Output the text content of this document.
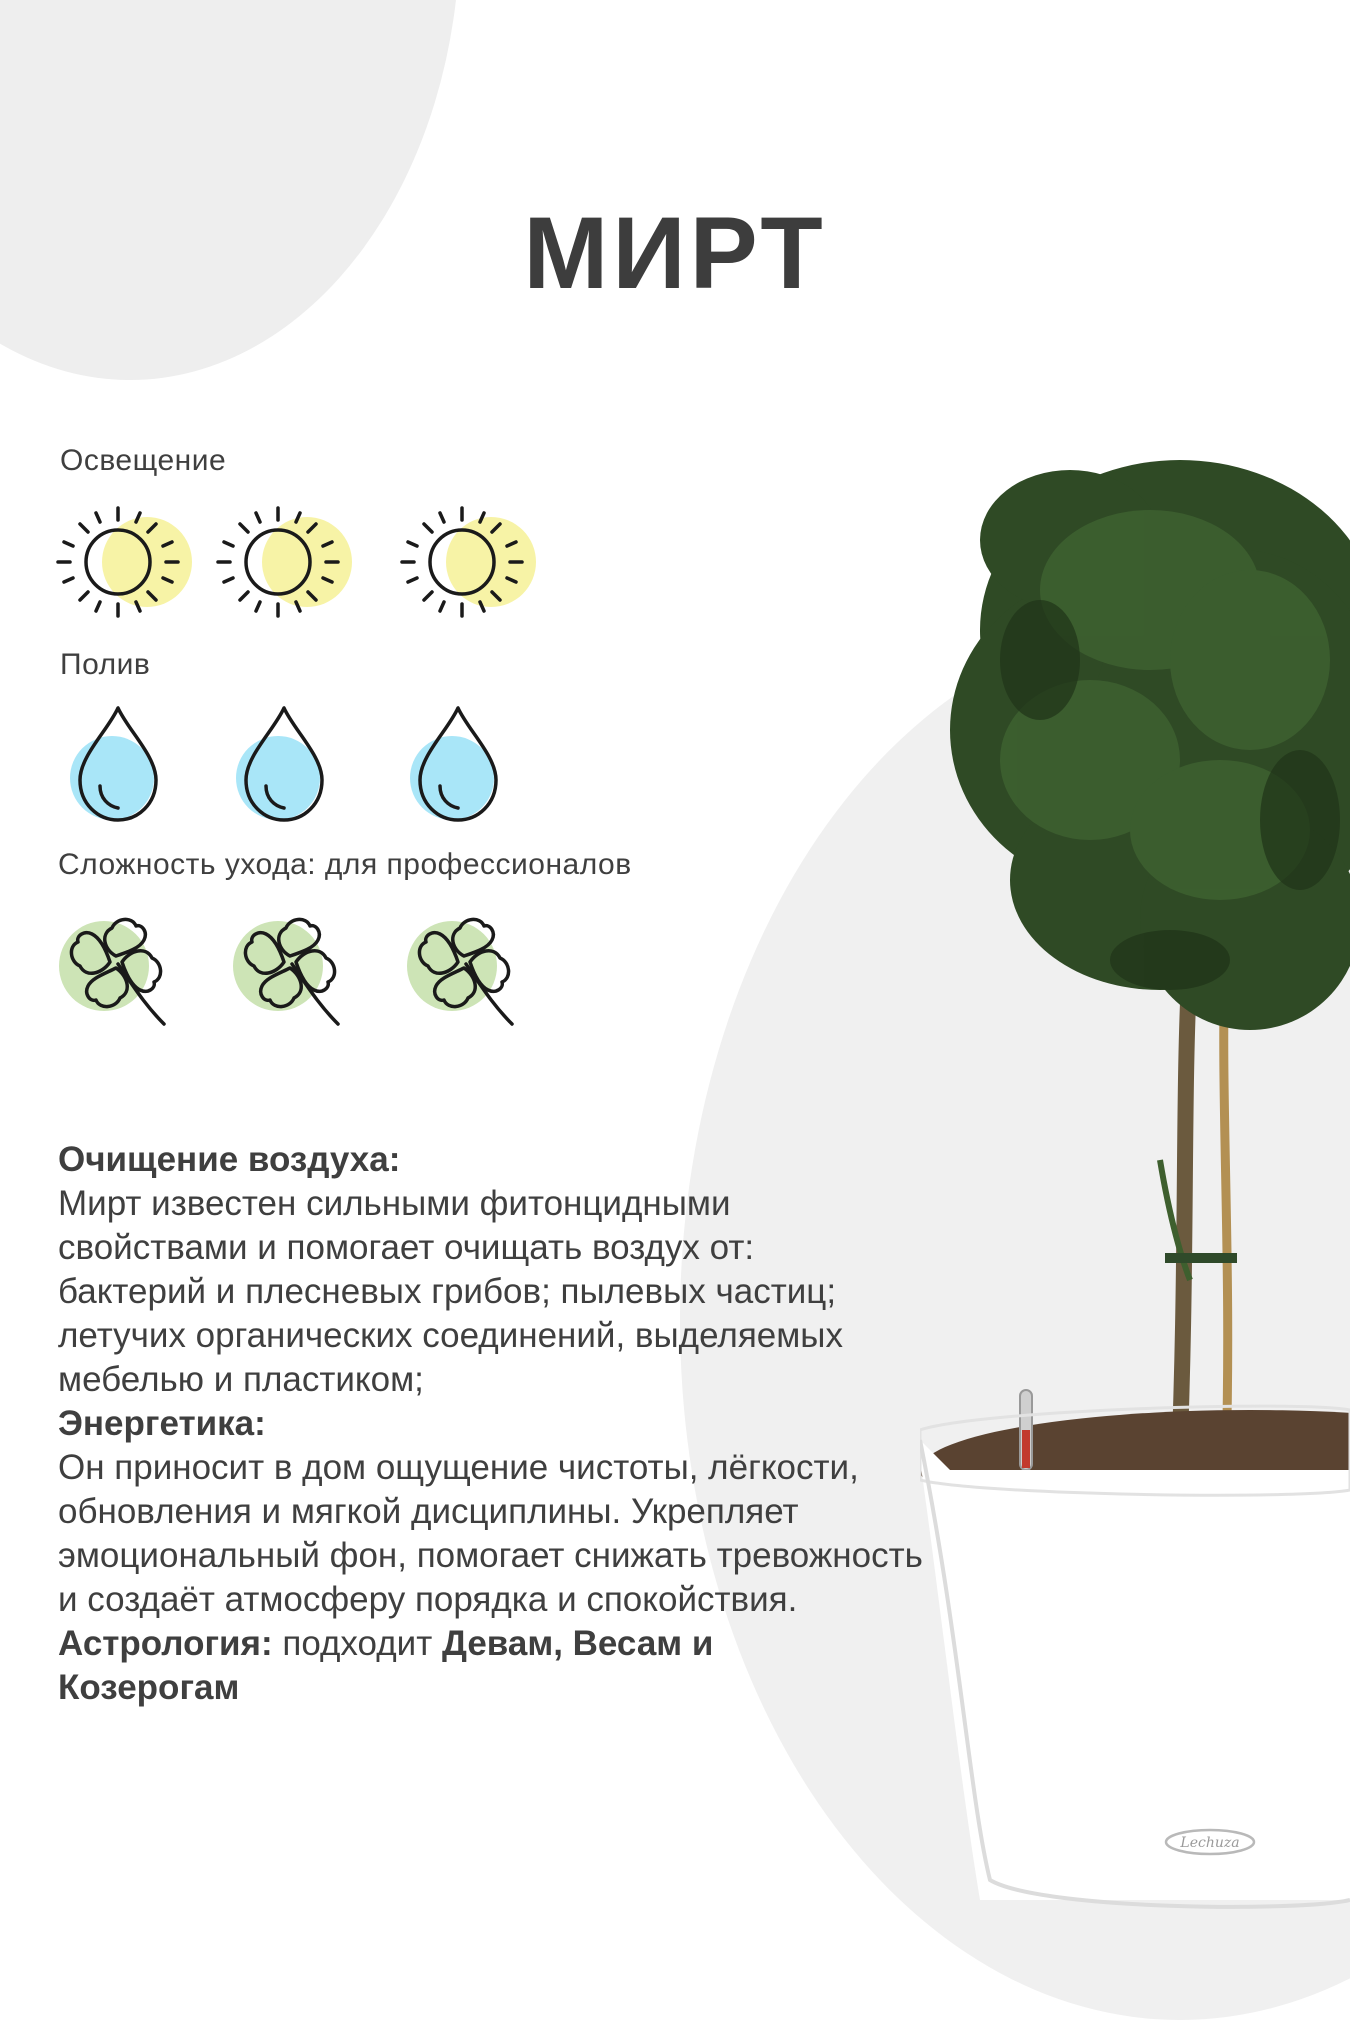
МИРТ
Освещение
Полив
Сложность ухода: для профессионалов

Очищение воздуха:

Мирт известен сильными фитонцидными свойствами и помогает очищать воздух от: бактерий и плесневых грибов; пылевых частиц; летучих органических соединений, выделяемых мебелью и пластиком;

Энергетика:

Он приносит в дом ощущение чистоты, лёгкости, обновления и мягкой дисциплины. Укрепляет эмоциональный фон, помогает снижать тревожность и создаёт атмосферу порядка и спокойствия.

Астрология: подходит Девам, Весам и Козерогам

Lechuza
